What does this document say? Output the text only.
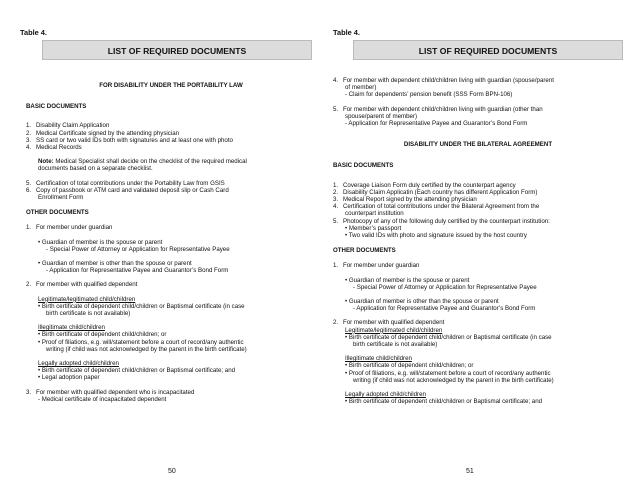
Table 4.
LIST OF REQUIRED DOCUMENTS
FOR DISABILITY UNDER THE PORTABILITY LAW
BASIC DOCUMENTS
1. Disability Claim Application
2. Medical Certificate signed by the attending physician
3. SS card or two valid IDs both with signatures and at least one with photo
4. Medical Records
Note: Medical Specialist shall decide on the checklist of the required medical
documents based on a separate checklist.
5. Certification of total contributions under the Portability Law from GSIS
6. Copy of passbook or ATM card and validated deposit slip or Cash Card
Enrollment Form
OTHER DOCUMENTS
1. For member under guardian
• Guardian of member is the spouse or parent
- Special Power of Attorney or Application for Representative Payee
• Guardian of member is other than the spouse or parent
- Application for Representative Payee and Guarantor’s Bond Form
2. For member with qualified dependent
Legitimate/legitimated child/children
• Birth certificate of dependent child/children or Baptismal certificate (in case
birth certificate is not available)
Illegitimate child/children
• Birth certificate of dependent child/children; or
• Proof of filiations, e.g. will/statement before a court of record/any authentic
writing (if child was not acknowledged by the parent in the birth certificate)
Legally adopted child/children
• Birth certificate of dependent child/children or Baptismal certificate; and
• Legal adoption paper
3. For member with qualified dependent who is incapacitated
- Medical certificate of incapacitated dependent
50
Table 4.
LIST OF REQUIRED DOCUMENTS
4. For member with dependent child/children living with guardian (spouse/parent
of member)
- Claim for dependents’ pension benefit (SSS Form BPN-106)
5. For member with dependent child/children living with guardian (other than
spouse/parent of member)
- Application for Representative Payee and Guarantor’s Bond Form
DISABILITY UNDER THE BILATERAL AGREEMENT
BASIC DOCUMENTS
1. Coverage Liaison Form duly certified by the counterpart agency
2. Disability Claim Applicatin (Each country has different Application Form)
3. Medical Report signed by the attending physician
4. Certification of total contributions under the Bilateral Agreement from the
counterpart institution
5. Photocopy of any of the following duly certified by the counterpart institution:
• Member’s passport
• Two valid IDs with photo and signature issued by the host country
OTHER DOCUMENTS
1. For member under guardian
• Guardian of member is the spouse or parent
- Special Power of Attorney or Application for Representative Payee
• Guardian of member is other than the spouse or parent
- Application for Representative Payee and Guarantor’s Bond Form
2. For member with qualified dependent
Legitimate/legitimated child/children
• Birth certificate of dependent child/children or Baptismal certificate (in case
birth certificate is not available)
Illegitimate child/children
• Birth certificate of dependent child/children; or
• Proof of filiations, e.g. will/statement before a court of record/any authentic
writing (if child was not acknowledged by the parent in the birth certificate)
Legally adopted child/children
• Birth certificate of dependent child/children or Baptismal certificate; and
51
